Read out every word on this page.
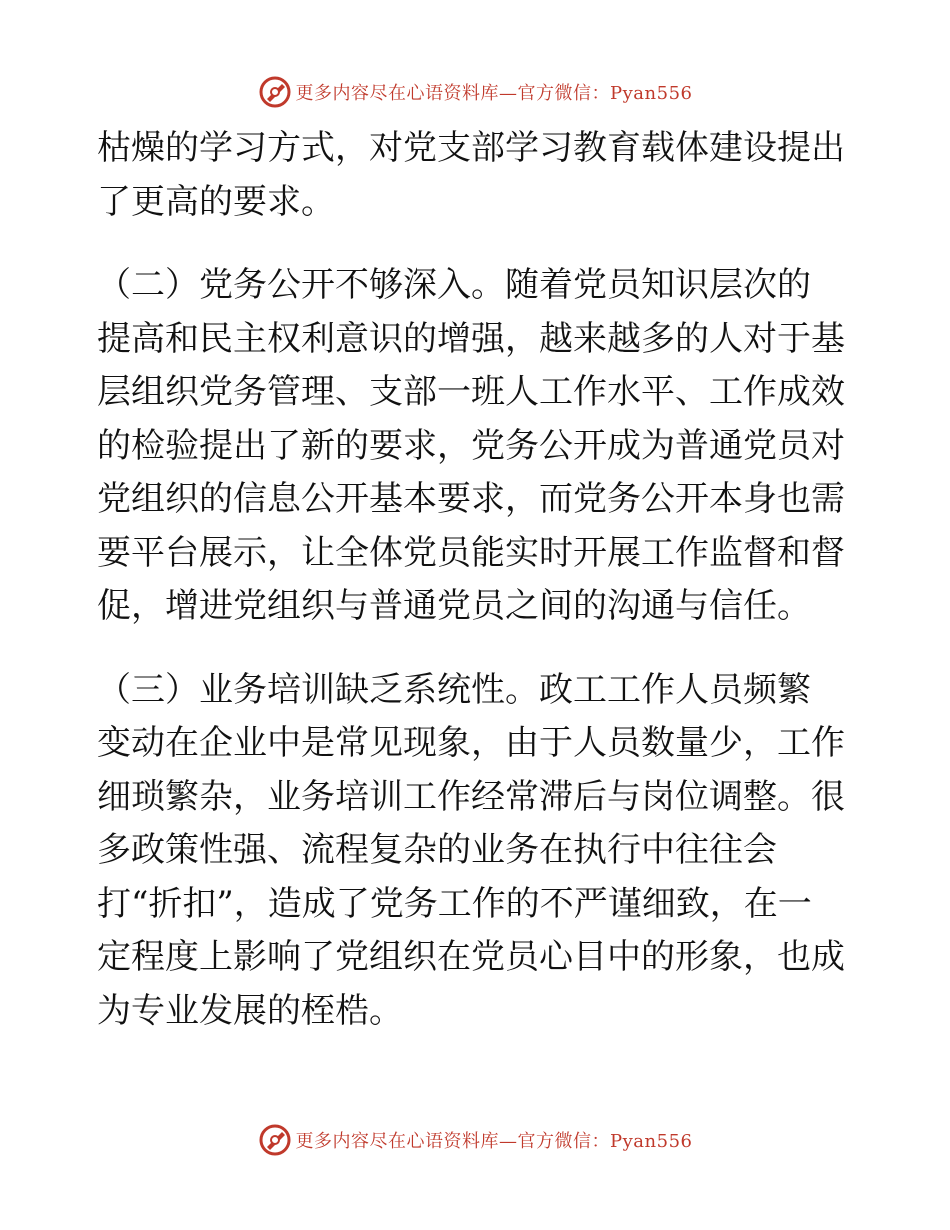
更多内容尽在心语资料库—官方微信：Pyan556
枯燥的学习方式，对党支部学习教育载体建设提出
了更高的要求。
（二）党务公开不够深入。随着党员知识层次的
提高和民主权利意识的增强，越来越多的人对于基
层组织党务管理、支部一班人工作水平、工作成效
的检验提出了新的要求，党务公开成为普通党员对
党组织的信息公开基本要求，而党务公开本身也需
要平台展示，让全体党员能实时开展工作监督和督
促，增进党组织与普通党员之间的沟通与信任。
（三）业务培训缺乏系统性。政工工作人员频繁
变动在企业中是常见现象，由于人员数量少，工作
细琐繁杂，业务培训工作经常滞后与岗位调整。很
多政策性强、流程复杂的业务在执行中往往会
打“折扣”，造成了党务工作的不严谨细致，在一
定程度上影响了党组织在党员心目中的形象，也成
为专业发展的桎梏。
更多内容尽在心语资料库—官方微信：Pyan556
